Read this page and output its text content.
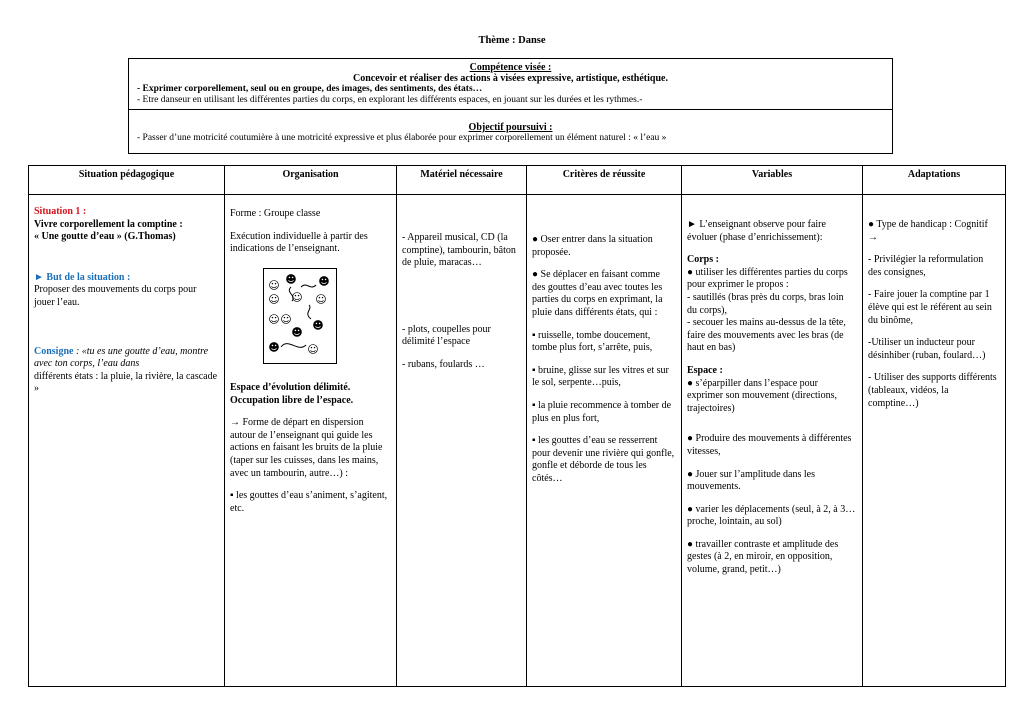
Thème : Danse
Compétence visée :
Concevoir et réaliser des actions à visées expressive, artistique, esthétique.
- Exprimer corporellement, seul ou en groupe, des images, des sentiments, des états…
- Etre danseur en utilisant les différentes parties du corps, en explorant les différents espaces, en jouant sur les durées et les rythmes.-
Objectif poursuivi :
- Passer d’une motricité coutumière à une motricité expressive et plus élaborée pour exprimer corporellement un élément naturel : « l’eau »
Situation pédagogique
Situation 1 :
Vivre corporellement la comptine :
« Une goutte d’eau » (G.Thomas)
► But de la situation :
Proposer des mouvements du corps pour jouer l’eau.
Consigne : «tu es une goutte d’eau, montre avec ton corps, l’eau dans
différents états : la pluie, la rivière, la cascade »
Organisation
Forme : Groupe classe
Exécution individuelle à partir des indications de l’enseignant.
☺ ☻ ☻
☺ ☺ ☺
☺ ☺ ☻
☻
☻	☺
Espace d’évolution délimité. Occupation libre de l’espace.
→ Forme de départ en dispersion autour de l’enseignant qui guide les actions en faisant les bruits de la pluie (taper sur les cuisses, dans les mains, avec un tambourin, autre…) :
▪ les gouttes d’eau s’animent, s’agitent, etc.
Matériel nécessaire
- Appareil musical, CD (la comptine), tambourin, bâton de pluie, maracas…
- plots, coupelles pour délimité l’espace
- rubans, foulards …
Critères de réussite
● Oser entrer dans la situation proposée.
● Se déplacer en faisant comme des gouttes d’eau avec toutes les parties du corps en exprimant, la pluie dans différents états, qui :
▪ ruisselle, tombe doucement, tombe plus fort, s’arrête, puis,
▪ bruine, glisse sur les vitres et sur le sol, serpente…puis,
▪ la pluie recommence à tomber de plus en plus fort,
▪ les gouttes d’eau se resserrent pour devenir une rivière qui gonfle, gonfle et déborde de tous les côtés…
Variables
► L’enseignant observe pour faire évoluer (phase d’enrichissement):
Corps :
● utiliser les différentes parties du corps pour exprimer le propos :
- sautillés (bras près du corps, bras loin du corps),
- secouer les mains au-dessus de la tête, faire des mouvements avec les bras (de haut en bas)
Espace :
● s’éparpiller dans l’espace pour exprimer son mouvement (directions, trajectoires)
● Produire des mouvements à différentes vitesses,
● Jouer sur l’amplitude dans les mouvements.
● varier les déplacements (seul, à 2, à 3…proche, lointain, au sol)
● travailler contraste et amplitude des gestes (à 2, en miroir, en opposition, volume, grand, petit…)
Adaptations
● Type de handicap : Cognitif →
- Privilégier la reformulation des consignes,
- Faire jouer la comptine par 1 élève qui est le référent au sein du binôme,
-Utiliser un inducteur pour désinhiber (ruban, foulard…)
- Utiliser des supports différents (tableaux, vidéos, la comptine…)
